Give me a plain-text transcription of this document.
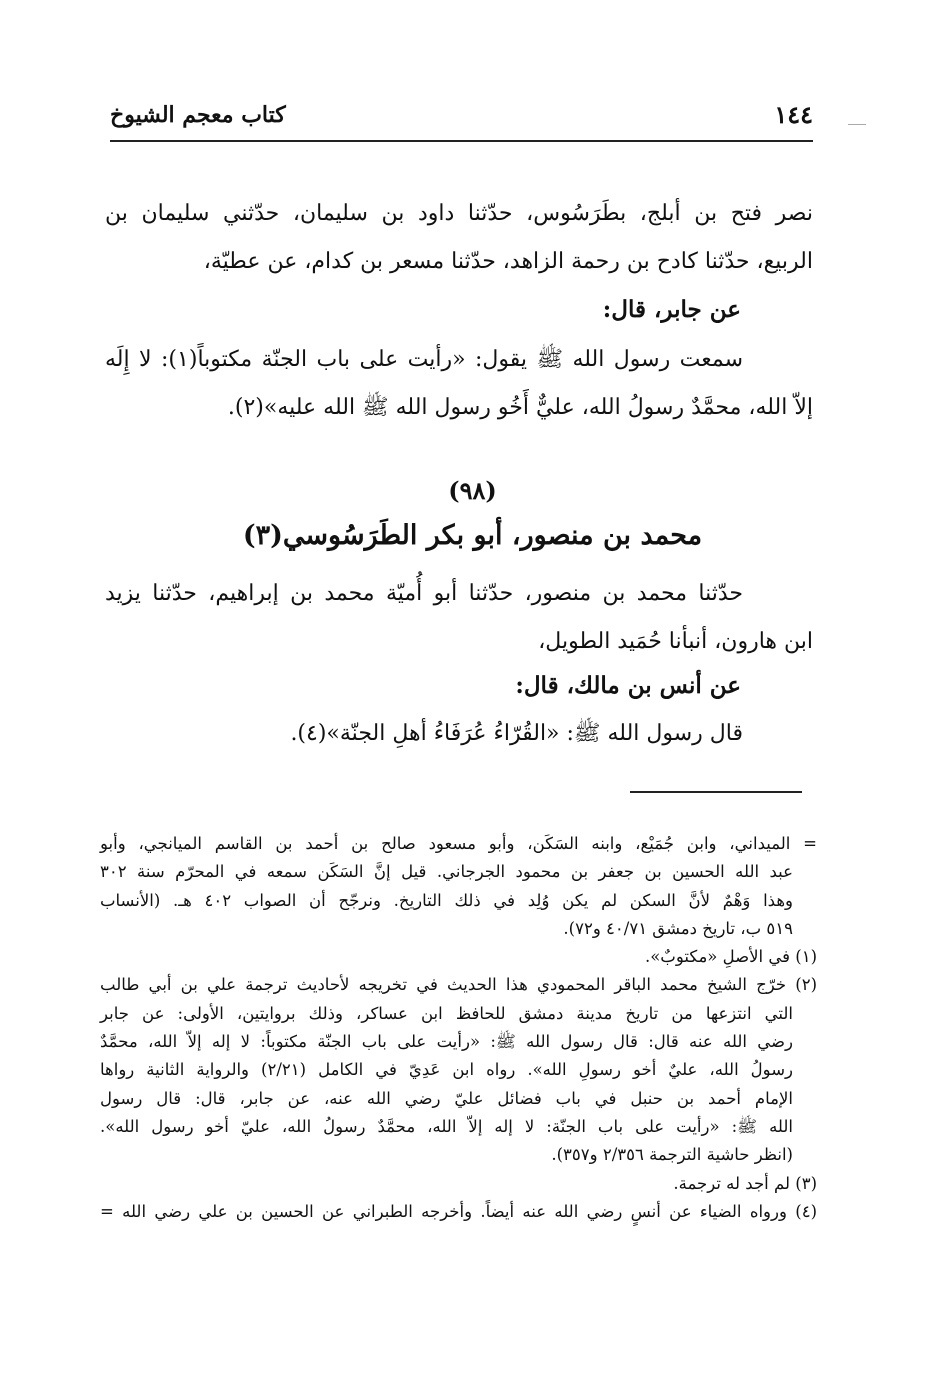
١٤٤
كتاب معجم الشيوخ

نصر فتح بن أبلج، بطَرَسُوس، حدّثنا داود بن سليمان، حدّثني سليمان بن

الربيع، حدّثنا كادح بن رحمة الزاهد، حدّثنا مسعر بن كدام، عن عطيّة،

عن جابر، قال:

سمعت رسول الله ﷺ يقول: «رأيت على باب الجنّة مكتوباً(١): لا إِلَه

إلاّ الله، محمَّدٌ رسولُ الله، عليٌّ أَخُو رسول الله ﷺ الله عليه»(٢).

(٩٨)
محمد بن منصور، أبو بكر الطَرَسُوسي(٣)

حدّثنا محمد بن منصور، حدّثنا أبو أُميّة محمد بن إبراهيم، حدّثنا يزيد

ابن هارون، أنبأنا حُمَيد الطويل،

عن أنس بن مالك، قال:

قال رسول الله ﷺ: «القُرّاءُ عُرَفَاءُ أهلِ الجنّة»(٤).

= الميداني، وابن جُمَيْع، وابنه السَكَن، وأبو مسعود صالح بن أحمد بن القاسم الميانجي، وأبو

عبد الله الحسين بن جعفر بن محمود الجرجاني. قيل إنَّ السَكَن سمعه في المحرّم سنة ٣٠٢

وهذا وَهْمٌ لأنَّ السكن لم يكن وُلِد في ذلك التاريخ. ونرجّح أن الصواب ٤٠٢ هـ. (الأنساب

٥١٩ ب، تاريخ دمشق ٤٠/٧١ و٧٢).

(١) في الأصلِ «مكتوبٌ».

(٢) خرّج الشيخ محمد الباقر المحمودي هذا الحديث في تخريجه لأحاديث ترجمة علي بن أبي طالب

التي انتزعها من تاريخ مدينة دمشق للحافظ ابن عساكر، وذلك بروايتين، الأولى: عن جابر

رضي الله عنه قال: قال رسول الله ﷺ: «رأيت على باب الجنّة مكتوباً: لا إله إلاّ الله، محمَّدٌ

رسولُ الله، عليٌ أخو رسولِ الله». رواه ابن عَدِيّ في الكامل (٢/٢١) والرواية الثانية رواها

الإمام أحمد بن حنبل في باب فضائل عليّ رضي الله عنه، عن جابر، قال: قال رسول

الله ﷺ: «رأيت على باب الجنّة: لا إله إلاّ الله، محمَّدٌ رسولُ الله، عليّ أخو رسول الله».

(انظر حاشية الترجمة ٢/٣٥٦ و٣٥٧).

(٣) لم أجد له ترجمة.

(٤) ورواه الضياء عن أنسٍ رضي الله عنه أيضاً. وأخرجه الطبراني عن الحسين بن علي رضي الله =
